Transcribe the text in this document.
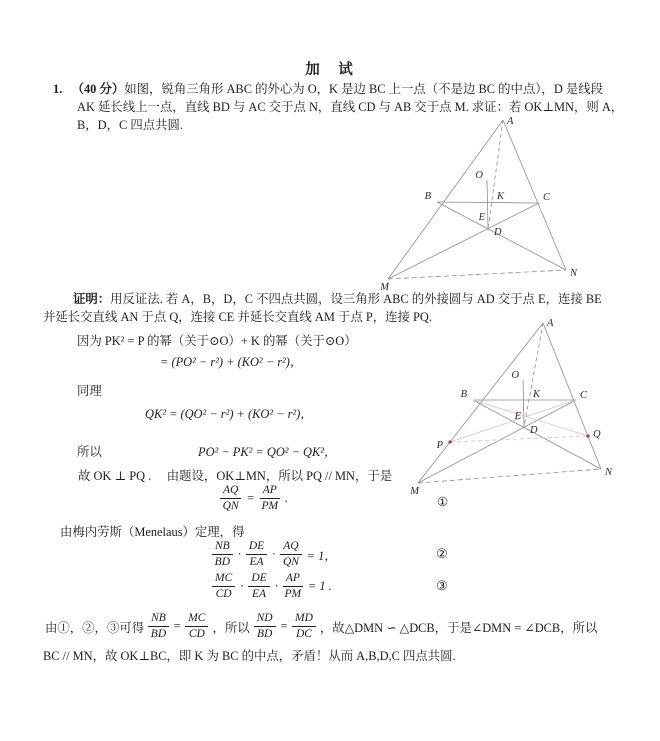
加　试
1. （40 分）如图，锐角三角形 ABC 的外心为 O，K 是边 BC 上一点（不是边 BC 的中点），D 是线段
AK 延长线上一点，直线 BD 与 AC 交于点 N，直线 CD 与 AB 交于点 M. 求证：若 OK⊥MN，则 A，
B，D，C 四点共圆.	A
B	C
O
K
E
D
M
N
证明：用反证法. 若 A，B，D，C 不四点共圆，设三角形 ABC 的外接圆与 AD 交于点 E，连接 BE
并延长交直线 AN 于点 Q，连接 CE 并延长交直线 AM 于点 P，连接 PQ.
因为 PK² = P 的幂（关于⊙O）+ K 的幂（关于⊙O）
= (PO² − r²) + (KO² − r²)，
同理
QK² = (QO² − r²) + (KO² − r²)，
所以	PO² − PK² = QO² − QK²，
故 OK ⊥ PQ .　 由题设，OK⊥MN，所以 PQ // MN，于是
$\frac{AQ}{QN} = \frac{AP}{PM}$ .
由梅内劳斯（Menelaus）定理，得
$\frac{NB}{BD} \cdot \frac{DE}{EA} \cdot \frac{AQ}{QN} = 1$，	②
$\frac{MC}{CD} \cdot \frac{DE}{EA} \cdot \frac{AP}{PM} = 1$ .	③
A
B	C
O
K
E
D
P
Q
M
N
①
由①，②，③可得 $\frac{NB}{BD} = \frac{MC}{CD}$ ，所以 $\frac{ND}{BD} = \frac{MD}{DC}$ ，故△DMN ∽ △DCB，于是∠DMN = ∠DCB，所以
BC // MN，故 OK⊥BC，即 K 为 BC 的中点，矛盾！从而 A,B,D,C 四点共圆.
